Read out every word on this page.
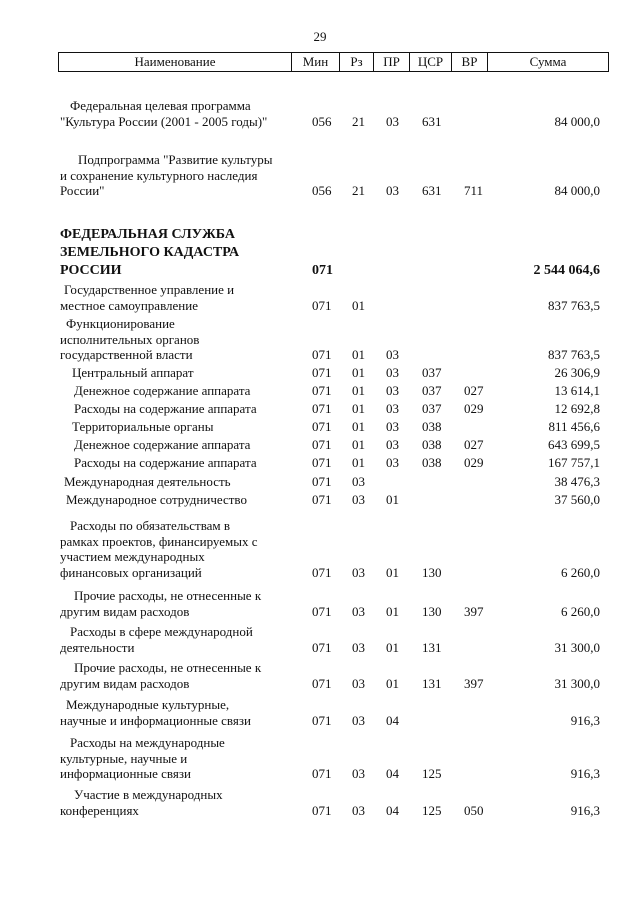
29
Наименование	Мин	Рз	ПР	ЦСР	ВР	Сумма
Федеральная целевая программа
"Культура России (2001 - 2005 годы)"	056 21 03 631	84 000,0
Подпрограмма "Развитие культуры
и сохранение культурного наследия
России"	056 21 03 631 711	84 000,0
ФЕДЕРАЛЬНАЯ СЛУЖБА
ЗЕМЕЛЬНОГО КАДАСТРА
РОССИИ	071	2 544 064,6
Государственное управление и
местное самоуправление	071 01	837 763,5
Функционирование
исполнительных органов
государственной власти	071 01 03	837 763,5
Центральный аппарат	071 01 03 037	26 306,9
Денежное содержание аппарата	071 01 03 037 027	13 614,1
Расходы на содержание аппарата	071 01 03 037 029	12 692,8
Территориальные органы	071 01 03 038	811 456,6
Денежное содержание аппарата	071 01 03 038 027	643 699,5
Расходы на содержание аппарата	071 01 03 038 029	167 757,1
Международная деятельность	071 03	38 476,3
Международное сотрудничество	071 03 01	37 560,0
Расходы по обязательствам в
рамках проектов, финансируемых с
участием международных
финансовых организаций	071 03 01 130	6 260,0
Прочие расходы, не отнесенные к
другим видам расходов	071 03 01 130 397	6 260,0
Расходы в сфере международной
деятельности	071 03 01 131	31 300,0
Прочие расходы, не отнесенные к
другим видам расходов	071 03 01 131 397	31 300,0
Международные культурные,
научные и информационные связи	071 03 04	916,3
Расходы на международные
культурные, научные и
информационные связи	071 03 04 125	916,3
Участие в международных
конференциях	071 03 04 125 050	916,3
